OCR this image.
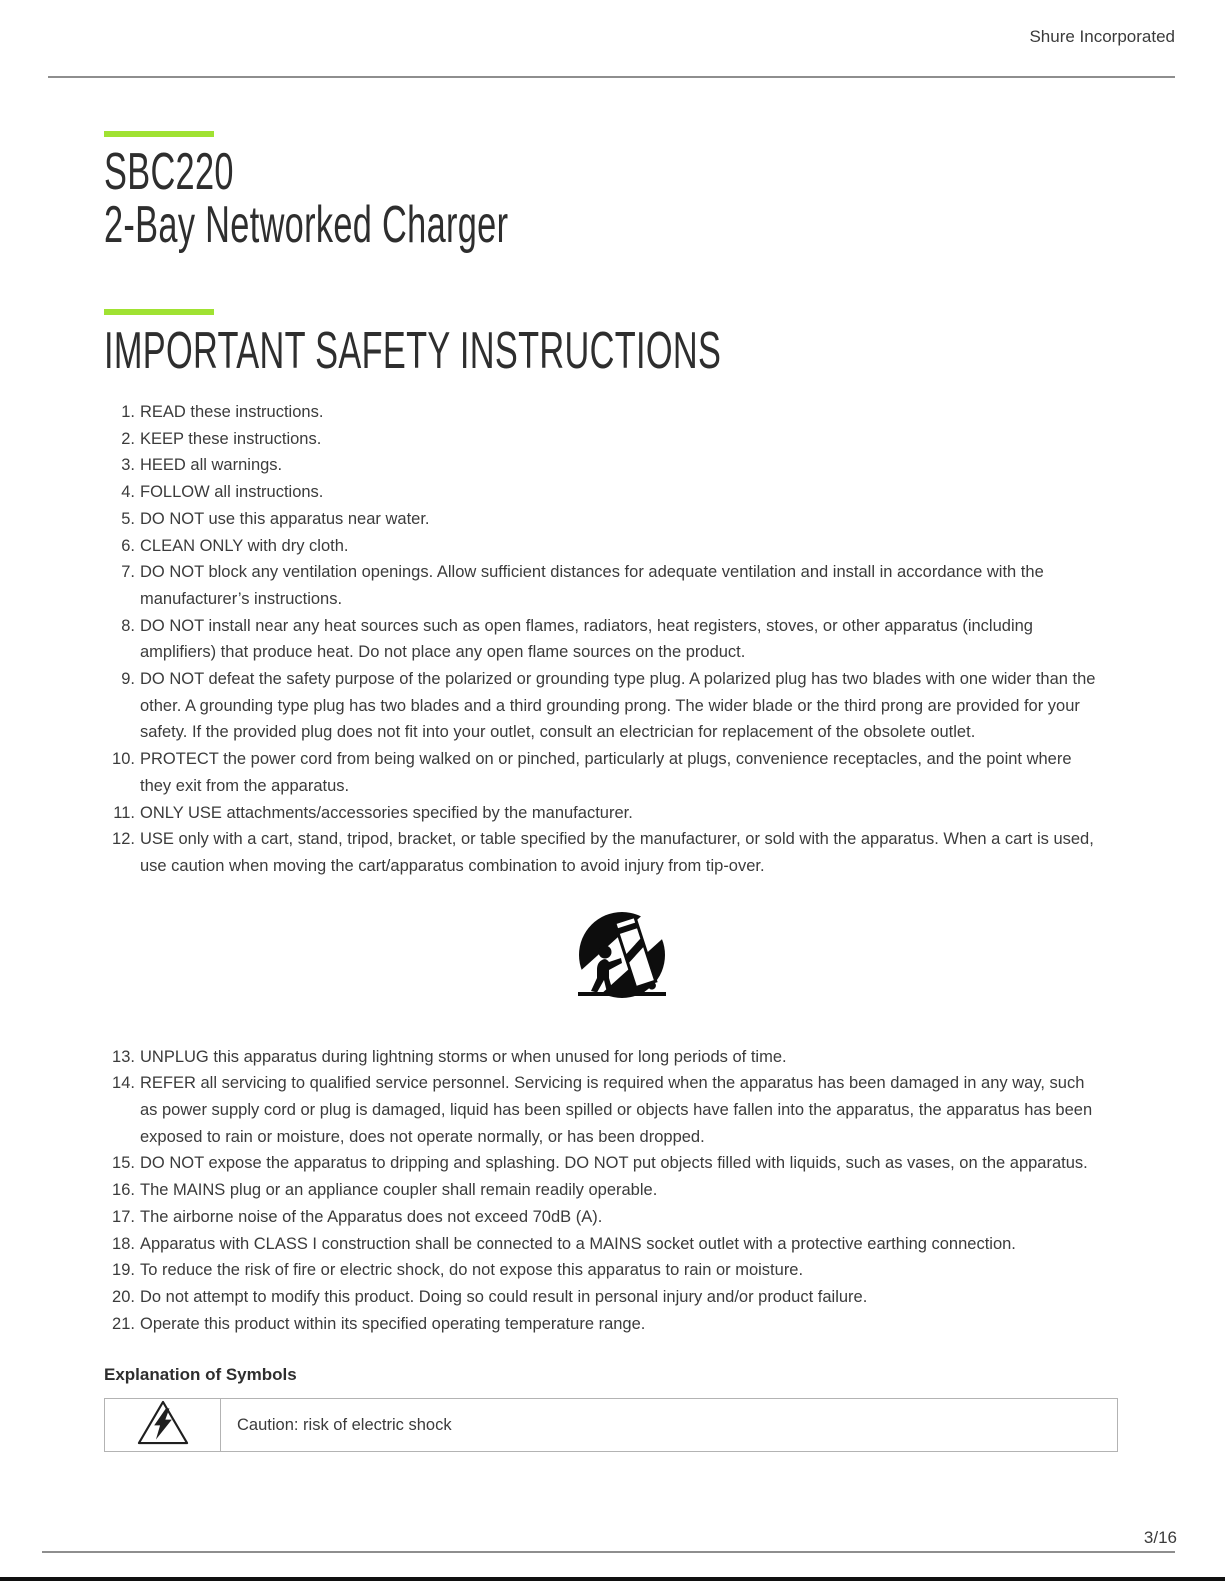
Shure Incorporated
SBC220
2-Bay Networked Charger
IMPORTANT SAFETY INSTRUCTIONS
READ these instructions.
KEEP these instructions.
HEED all warnings.
FOLLOW all instructions.
DO NOT use this apparatus near water.
CLEAN ONLY with dry cloth.
DO NOT block any ventilation openings. Allow sufficient distances for adequate ventilation and install in accordance with the manufacturer’s instructions.
DO NOT install near any heat sources such as open flames, radiators, heat registers, stoves, or other apparatus (including amplifiers) that produce heat. Do not place any open flame sources on the product.
DO NOT defeat the safety purpose of the polarized or grounding type plug. A polarized plug has two blades with one wider than the other. A grounding type plug has two blades and a third grounding prong. The wider blade or the third prong are provided for your safety. If the provided plug does not fit into your outlet, consult an electrician for replacement of the obsolete outlet.
PROTECT the power cord from being walked on or pinched, particularly at plugs, convenience receptacles, and the point where they exit from the apparatus.
ONLY USE attachments/accessories specified by the manufacturer.
USE only with a cart, stand, tripod, bracket, or table specified by the manufacturer, or sold with the apparatus. When a cart is used, use caution when moving the cart/apparatus combination to avoid injury from tip-over.
UNPLUG this apparatus during lightning storms or when unused for long periods of time.
REFER all servicing to qualified service personnel. Servicing is required when the apparatus has been damaged in any way, such as power supply cord or plug is damaged, liquid has been spilled or objects have fallen into the apparatus, the apparatus has been exposed to rain or moisture, does not operate normally, or has been dropped.
DO NOT expose the apparatus to dripping and splashing. DO NOT put objects filled with liquids, such as vases, on the apparatus.
The MAINS plug or an appliance coupler shall remain readily operable.
The airborne noise of the Apparatus does not exceed 70dB (A).
Apparatus with CLASS I construction shall be connected to a MAINS socket outlet with a protective earthing connection.
To reduce the risk of fire or electric shock, do not expose this apparatus to rain or moisture.
Do not attempt to modify this product. Doing so could result in personal injury and/or product failure.
Operate this product within its specified operating temperature range.
Explanation of Symbols
	Caution: risk of electric shock
3/16
